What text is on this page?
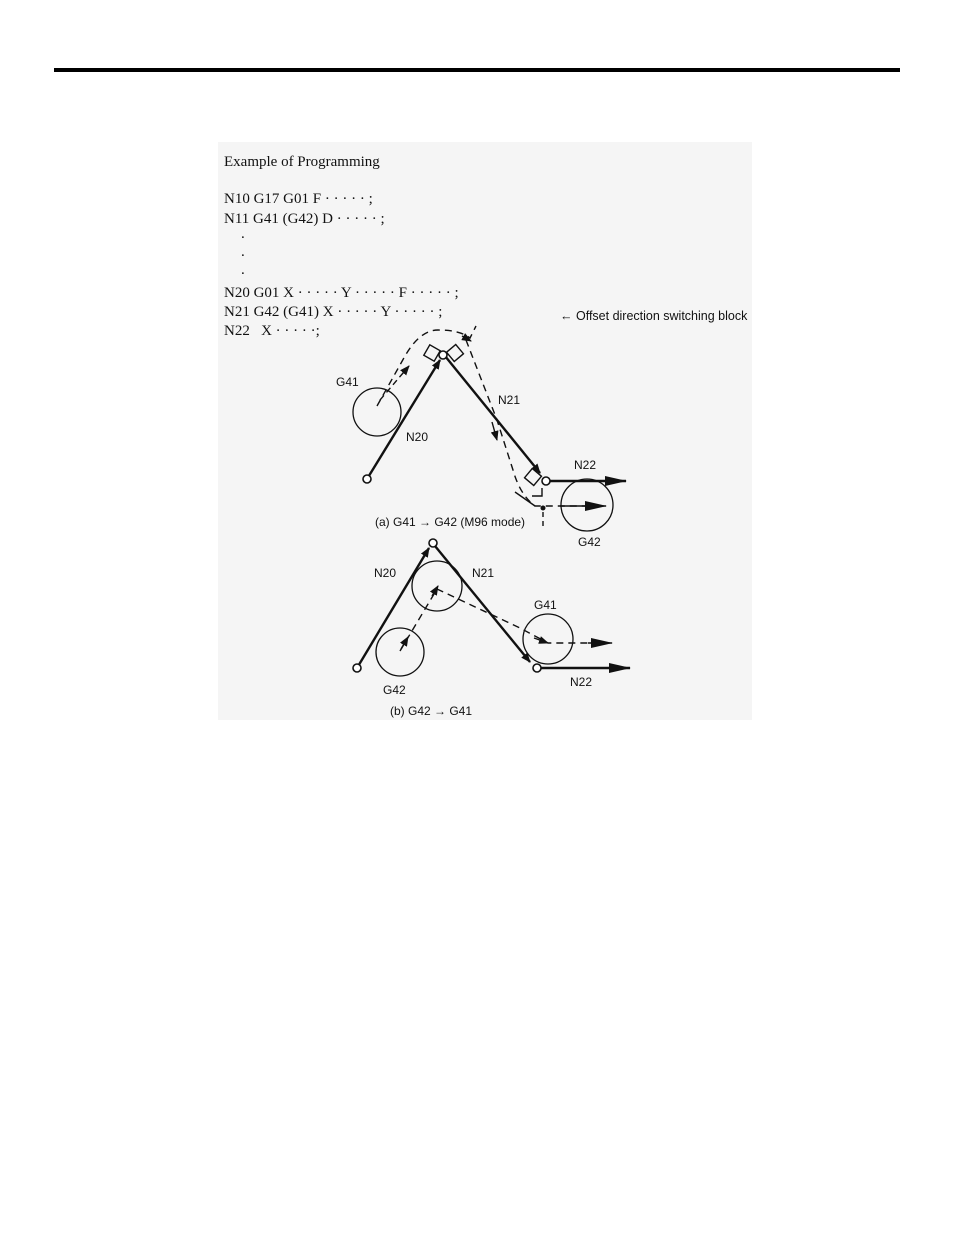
Example of Programming
N10 G17 G01 F · · · · · ;
N11 G41 (G42) D · · · · · ;
.
.
.
N20 G01 X · · · · · Y · · · · · F · · · · · ;
N21 G42 (G41) X · · · · · Y · · · · · ;
N22   X · · · · ·;
G41
N20
N21
N22
G42
(a) G41 → G42 (M96 mode)
← Offset direction switching block
N20	N21
G41
G42
N22
(b) G42 → G41
